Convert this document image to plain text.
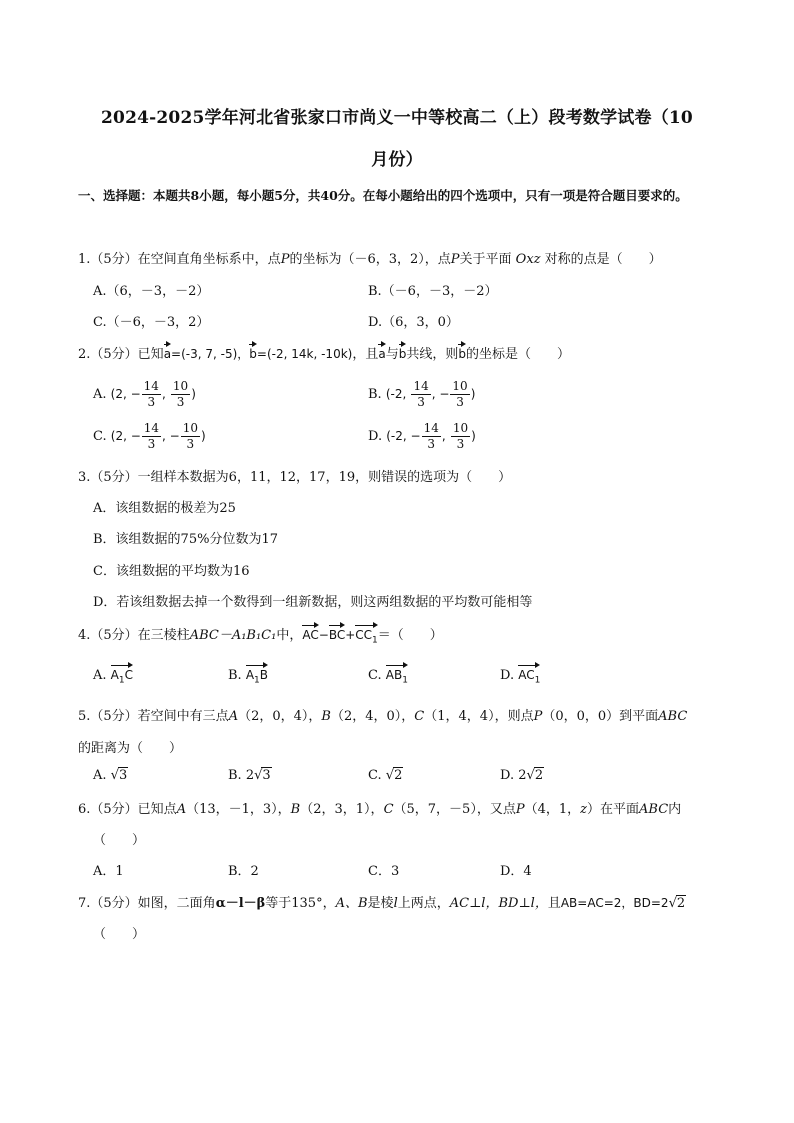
2024-2025学年河北省张家口市尚义一中等校高二（上）段考数学试卷（10
月份）
一、选择题：本题共8小题，每小题5分，共40分。在每小题给出的四个选项中，只有一项是符合题目要求的。
1.（5分）在空间直角坐标系中，点P的坐标为（－6，3，2），点P关于平面 Oxz 对称的点是（　　）
A.（6，－3，－2）	B.（－6，－3，－2）
C.（－6，－3，2）	D.（6，3，0）
2.（5分）已知a=(-3, 7, -5)，b=(-2, 14k, -10k)，且a与b共线，则b的坐标是（　　）
A. (2, − $\frac{14}{3}$ , $\frac{10}{3}$ )	B. (-2, $\frac{14}{3}$ , − $\frac{10}{3}$ )
C. (2, − $\frac{14}{3}$ , − $\frac{10}{3}$ )	D. (-2, − $\frac{14}{3}$ , $\frac{10}{3}$ )
3.（5分）一组样本数据为6，11，12，17，19，则错误的选项为（　　）
A．该组数据的极差为25
B．该组数据的75%分位数为17
C．该组数据的平均数为16
D．若该组数据去掉一个数得到一组新数据，则这两组数据的平均数可能相等
4.（5分）在三棱柱ABC－A₁B₁C₁中，$AC-BC+CC_1=$（　　）
A. $A_1C$	B. $A_1B$	C. $AB_1$	D. $AC_1$
5.（5分）若空间中有三点A（2，0，4），B（2，4，0），C（1，4，4），则点P（0，0，0）到平面ABC
的距离为（　　）
A. √3	B. 2√3	C. √2	D. 2√2
6.（5分）已知点A（13，－1，3），B（2，3，1），C（5，7，－5），又点P（4，1，z）在平面ABC内
（　　）
A．1	B．2	C．3	D．4
7.（5分）如图，二面角α－l－β等于135°，A、B是棱l上两点，AC⊥l，BD⊥l，且AB=AC=2，BD=2√2
（　　）
